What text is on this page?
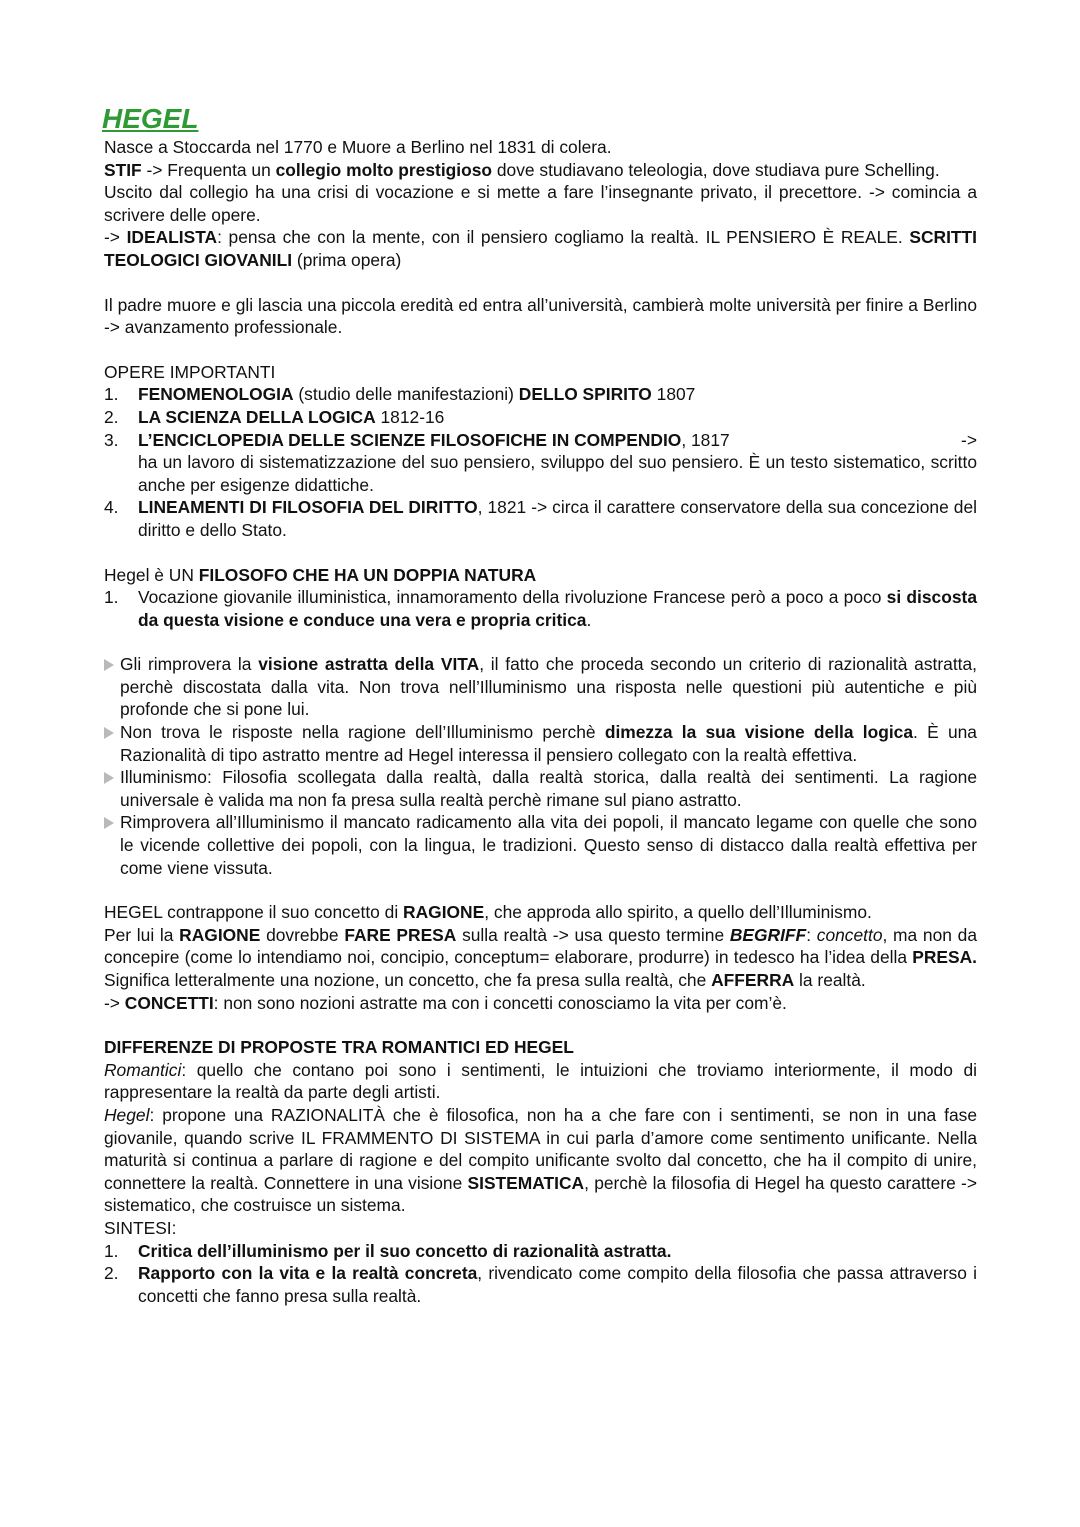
HEGEL

Nasce a Stoccarda nel 1770 e Muore a Berlino nel 1831 di colera.

STIF -> Frequenta un collegio molto prestigioso dove studiavano teleologia, dove studiava pure Schelling.

Uscito dal collegio ha una crisi di vocazione e si mette a fare l’insegnante privato, il precettore. -> comincia a scrivere delle opere.

-> IDEALISTA: pensa che con la mente, con il pensiero cogliamo la realtà. IL PENSIERO È REALE. SCRITTI TEOLOGICI GIOVANILI (prima opera)

Il padre muore e gli lascia una piccola eredità ed entra all’università, cambierà molte università per finire a Berlino -> avanzamento professionale.

OPERE IMPORTANTI

1. FENOMENOLOGIA (studio delle manifestazioni) DELLO SPIRITO 1807
2. LA SCIENZA DELLA LOGICA 1812-16
3. L’ENCICLOPEDIA DELLE SCIENZE FILOSOFICHE IN COMPENDIO, 1817	->
ha un lavoro di sistematizzazione del suo pensiero, sviluppo del suo pensiero. È un testo sistematico, scritto anche per esigenze didattiche.
4. LINEAMENTI DI FILOSOFIA DEL DIRITTO, 1821 -> circa il carattere conservatore della sua concezione del diritto e dello Stato.

Hegel è UN FILOSOFO CHE HA UN DOPPIA NATURA

1. Vocazione giovanile illuministica, innamoramento della rivoluzione Francese però a poco a poco si discosta da questa visione e conduce una vera e propria critica.
Gli rimprovera la visione astratta della VITA, il fatto che proceda secondo un criterio di razionalità astratta, perchè discostata dalla vita. Non trova nell’Illuminismo una risposta nelle questioni più autentiche e più profonde che si pone lui.
Non trova le risposte nella ragione dell’Illuminismo perchè dimezza la sua visione della logica. È una Razionalità di tipo astratto mentre ad Hegel interessa il pensiero collegato con la realtà effettiva.
Illuminismo: Filosofia scollegata dalla realtà, dalla realtà storica, dalla realtà dei sentimenti. La ragione universale è valida ma non fa presa sulla realtà perchè rimane sul piano astratto.
Rimprovera all’Illuminismo il mancato radicamento alla vita dei popoli, il mancato legame con quelle che sono le vicende collettive dei popoli, con la lingua, le tradizioni. Questo senso di distacco dalla realtà effettiva per come viene vissuta.

HEGEL contrappone il suo concetto di RAGIONE, che approda allo spirito, a quello dell’Illuminismo.

Per lui la RAGIONE dovrebbe FARE PRESA sulla realtà -> usa questo termine BEGRIFF: concetto, ma non da concepire (come lo intendiamo noi, concipio, conceptum= elaborare, produrre) in tedesco ha l’idea della PRESA. Significa letteralmente una nozione, un concetto, che fa presa sulla realtà, che AFFERRA la realtà.

-> CONCETTI: non sono nozioni astratte ma con i concetti conosciamo la vita per com’è.

DIFFERENZE DI PROPOSTE TRA ROMANTICI ED HEGEL

Romantici: quello che contano poi sono i sentimenti, le intuizioni che troviamo interiormente, il modo di rappresentare la realtà da parte degli artisti.

Hegel: propone una RAZIONALITÀ che è filosofica, non ha a che fare con i sentimenti, se non in una fase giovanile, quando scrive IL FRAMMENTO DI SISTEMA in cui parla d’amore come sentimento unificante. Nella maturità si continua a parlare di ragione e del compito unificante svolto dal concetto, che ha il compito di unire, connettere la realtà. Connettere in una visione SISTEMATICA, perchè la filosofia di Hegel ha questo carattere -> sistematico, che costruisce un sistema.

SINTESI:

1. Critica dell’illuminismo per il suo concetto di razionalità astratta.
2. Rapporto con la vita e la realtà concreta, rivendicato come compito della filosofia che passa attraverso i concetti che fanno presa sulla realtà.
